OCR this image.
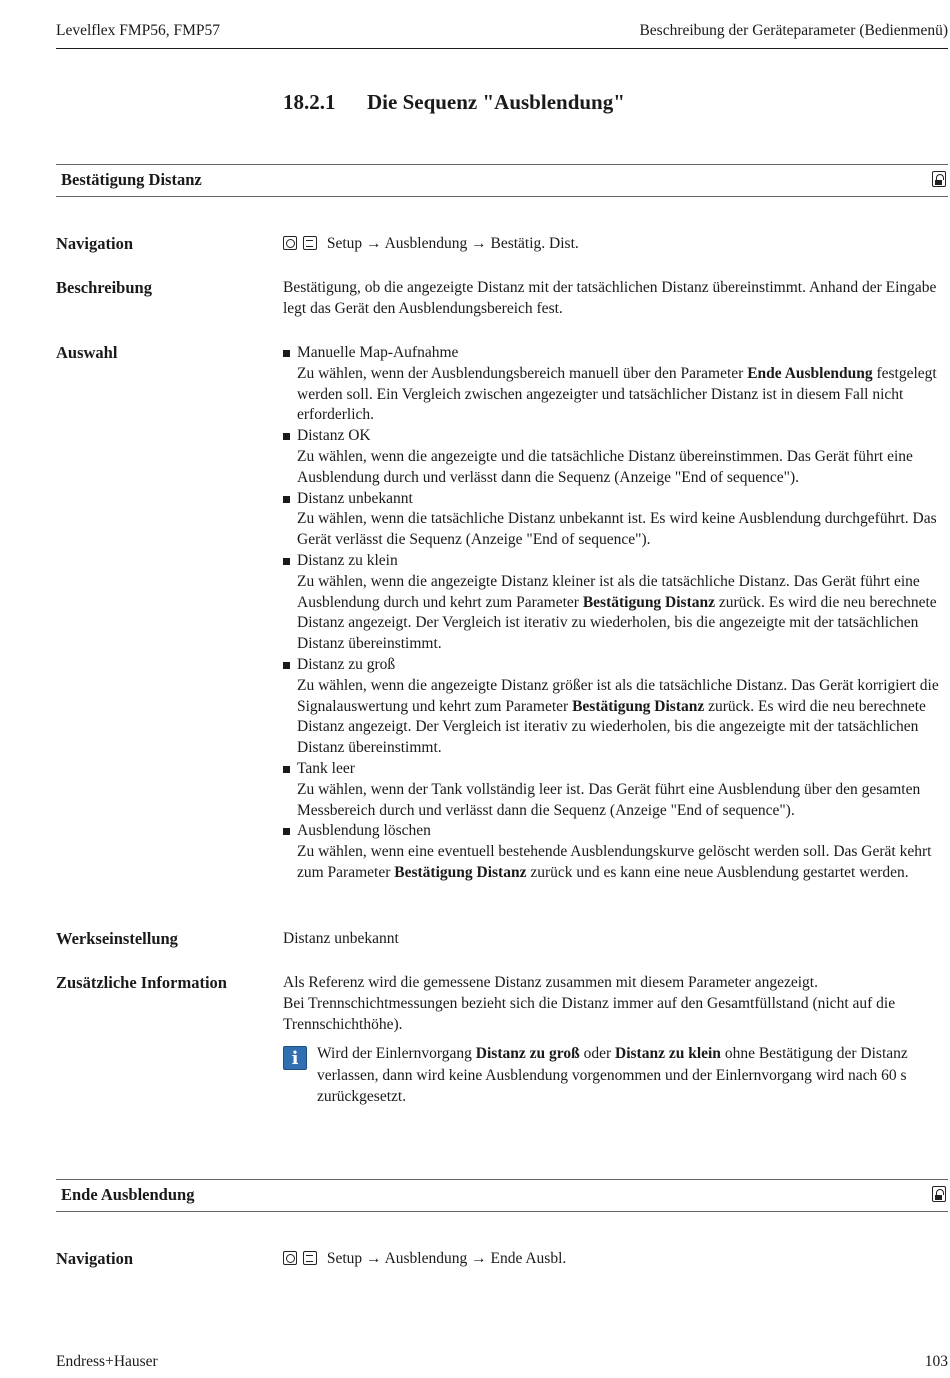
Levelflex FMP56, FMP57	Beschreibung der Geräteparameter (Bedienmenü)
18.2.1 Die Sequenz "Ausblendung"
Bestätigung Distanz
Navigation	Setup → Ausblendung → Bestätig. Dist.
Beschreibung	Bestätigung, ob die angezeigte Distanz mit der tatsächlichen Distanz übereinstimmt. Anhand der Eingabe legt das Gerät den Ausblendungsbereich fest.
Auswahl	Manuelle Map-Aufnahme
Zu wählen, wenn der Ausblendungsbereich manuell über den Parameter Ende Ausblendung festgelegt werden soll. Ein Vergleich zwischen angezeigter und tatsächlicher Distanz ist in diesem Fall nicht erforderlich.
Distanz OK
Zu wählen, wenn die angezeigte und die tatsächliche Distanz übereinstimmen. Das Gerät führt eine Ausblendung durch und verlässt dann die Sequenz (Anzeige "End of sequence").
Distanz unbekannt
Zu wählen, wenn die tatsächliche Distanz unbekannt ist. Es wird keine Ausblendung durchgeführt. Das Gerät verlässt die Sequenz (Anzeige "End of sequence").
Distanz zu klein
Zu wählen, wenn die angezeigte Distanz kleiner ist als die tatsächliche Distanz. Das Gerät führt eine Ausblendung durch und kehrt zum Parameter Bestätigung Distanz zurück. Es wird die neu berechnete Distanz angezeigt. Der Vergleich ist iterativ zu wiederholen, bis die angezeigte mit der tatsächlichen Distanz übereinstimmt.
Distanz zu groß
Zu wählen, wenn die angezeigte Distanz größer ist als die tatsächliche Distanz. Das Gerät korrigiert die Signalauswertung und kehrt zum Parameter Bestätigung Distanz zurück. Es wird die neu berechnete Distanz angezeigt. Der Vergleich ist iterativ zu wiederholen, bis die angezeigte mit der tatsächlichen Distanz übereinstimmt.
Tank leer
Zu wählen, wenn der Tank vollständig leer ist. Das Gerät führt eine Ausblendung über den gesamten Messbereich durch und verlässt dann die Sequenz (Anzeige "End of sequence").
Ausblendung löschen
Zu wählen, wenn eine eventuell bestehende Ausblendungskurve gelöscht werden soll. Das Gerät kehrt zum Parameter Bestätigung Distanz zurück und es kann eine neue Ausblendung gestartet werden.
Werkseinstellung	Distanz unbekannt
Zusätzliche Information	Als Referenz wird die gemessene Distanz zusammen mit diesem Parameter angezeigt.
Bei Trennschichtmessungen bezieht sich die Distanz immer auf den Gesamtfüllstand (nicht auf die Trennschichthöhe).
i	Wird der Einlernvorgang Distanz zu groß oder Distanz zu klein ohne Bestätigung der Distanz verlassen, dann wird keine Ausblendung vorgenommen und der Einlernvorgang wird nach 60 s zurückgesetzt.
Ende Ausblendung
Navigation	Setup → Ausblendung → Ende Ausbl.
Endress+Hauser	103
